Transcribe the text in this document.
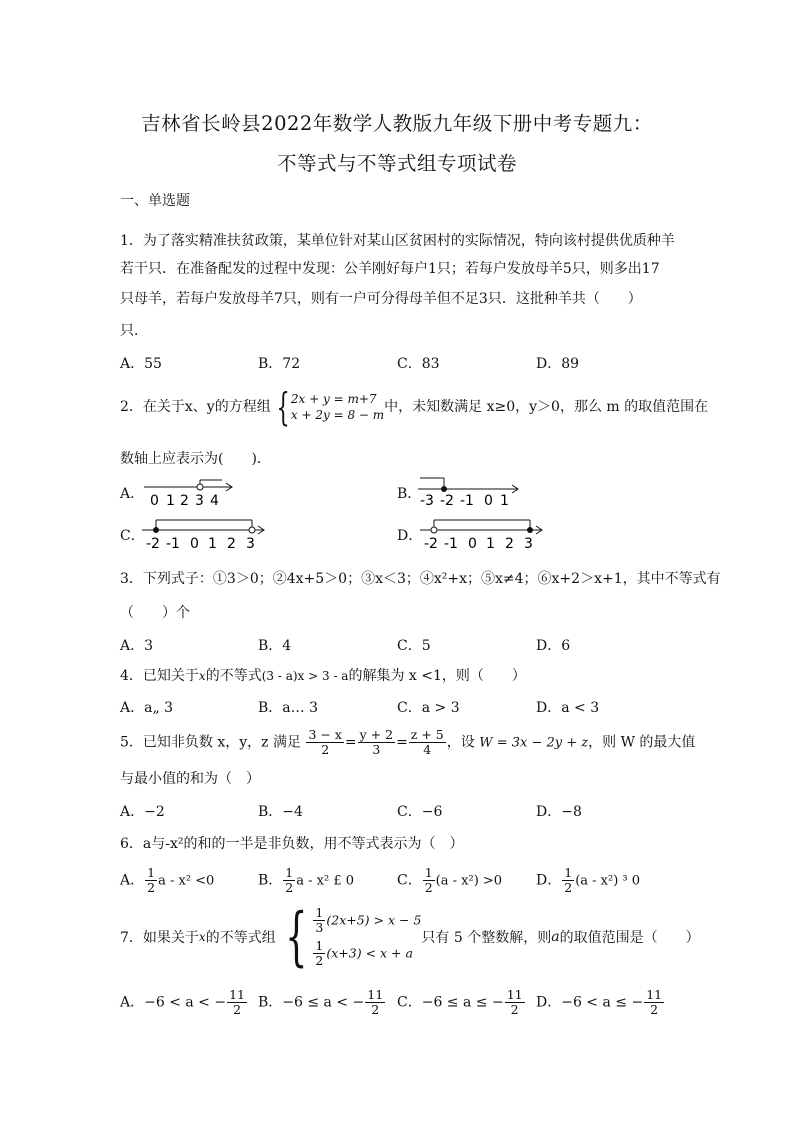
吉林省长岭县2022年数学人教版九年级下册中考专题九：
不等式与不等式组专项试卷
一、单选题
1．为了落实精准扶贫政策，某单位针对某山区贫困村的实际情况，特向该村提供优质种羊
若干只．在准备配发的过程中发现：公羊刚好每户1只；若每户发放母羊5只，则多出17
只母羊，若每户发放母羊7只，则有一户可分得母羊但不足3只．这批种羊共（　　）
只．
A．55	B．72	C．83	D．89
2．在关于x、y的方程组 { 2x + y = m+7
x + 2y = 8 − m 中，未知数满足 x≥0，y＞0，那么 m 的取值范围在
数轴上应表示为(　　)．
A． 0 1 2 3 4	B．
-3 -2 -1 0 1
C． -2 -1 0 1 2 3	D． -2 -1 0 1 2 3
3．下列式子：①3＞0；②4x+5＞0；③x＜3；④x²+x；⑤x≠4；⑥x+2＞x+1，其中不等式有
（　　）个
A．3	B．4	C．5	D．6
4．已知关于x的不等式(3 - a)x > 3 - a的解集为 x <1，则（　　）
A．a„ 3	B．a… 3	C．a > 3	D．a < 3
5．已知非负数 x，y，z 满足 $\frac{3 - x}{2} = \frac{y + 2}{3} = \frac{z + 5}{4}$ ，设 W = 3x − 2y + z，则 W 的最大值
与最小值的和为（　）
A．−2	B．−4	C．−6	D．−8
6．a与-x²的和的一半是非负数，用不等式表示为（　）
A． $\frac{1}{2}$ a - x² <0	B． $\frac{1}{2}$ a - x² £ 0	C． $\frac{1}{2} (a - x^2) >0$ D． $\frac{1}{2} (a - x^2)$ ³ 0
7．如果关于x的不等式组 { $\frac{1}{3} (2x+5) > x - 5$
$\frac{1}{2} (x+3) < x + a$
只有 5 个整数解，则a的取值范围是（　　）
A．−6 < a < − $\frac{11}{2}$ B．−6 ≤ a < − $\frac{11}{2}$ C．−6 ≤ a ≤ − $\frac{11}{2}$ D．−6 < a ≤ − $\frac{11}{2}$
